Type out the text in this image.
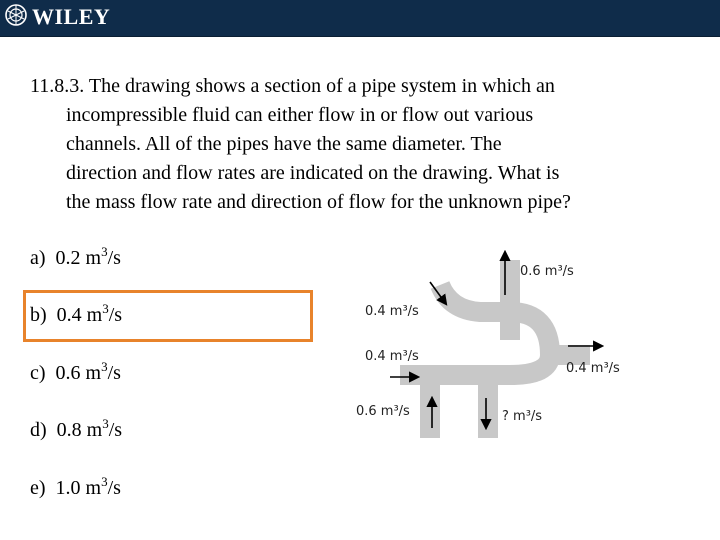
WILEY
11.8.3. The drawing shows a section of a pipe system in which an
incompressible fluid can either flow in or flow out various
channels. All of the pipes have the same diameter. The
direction and flow rates are indicated on the drawing. What is
the mass flow rate and direction of flow for the unknown pipe?
a) 0.2 $m^3/s$
b) 0.4 $m^3/s$
c) 0.6 $m^3/s$
d) 0.8 $m^3/s$
e) 1.0 $m^3/s$
0.6 m³/s
0.4 m³/s
0.4 m³/s
0.4 m³/s
0.6 m³/s	? m³/s
